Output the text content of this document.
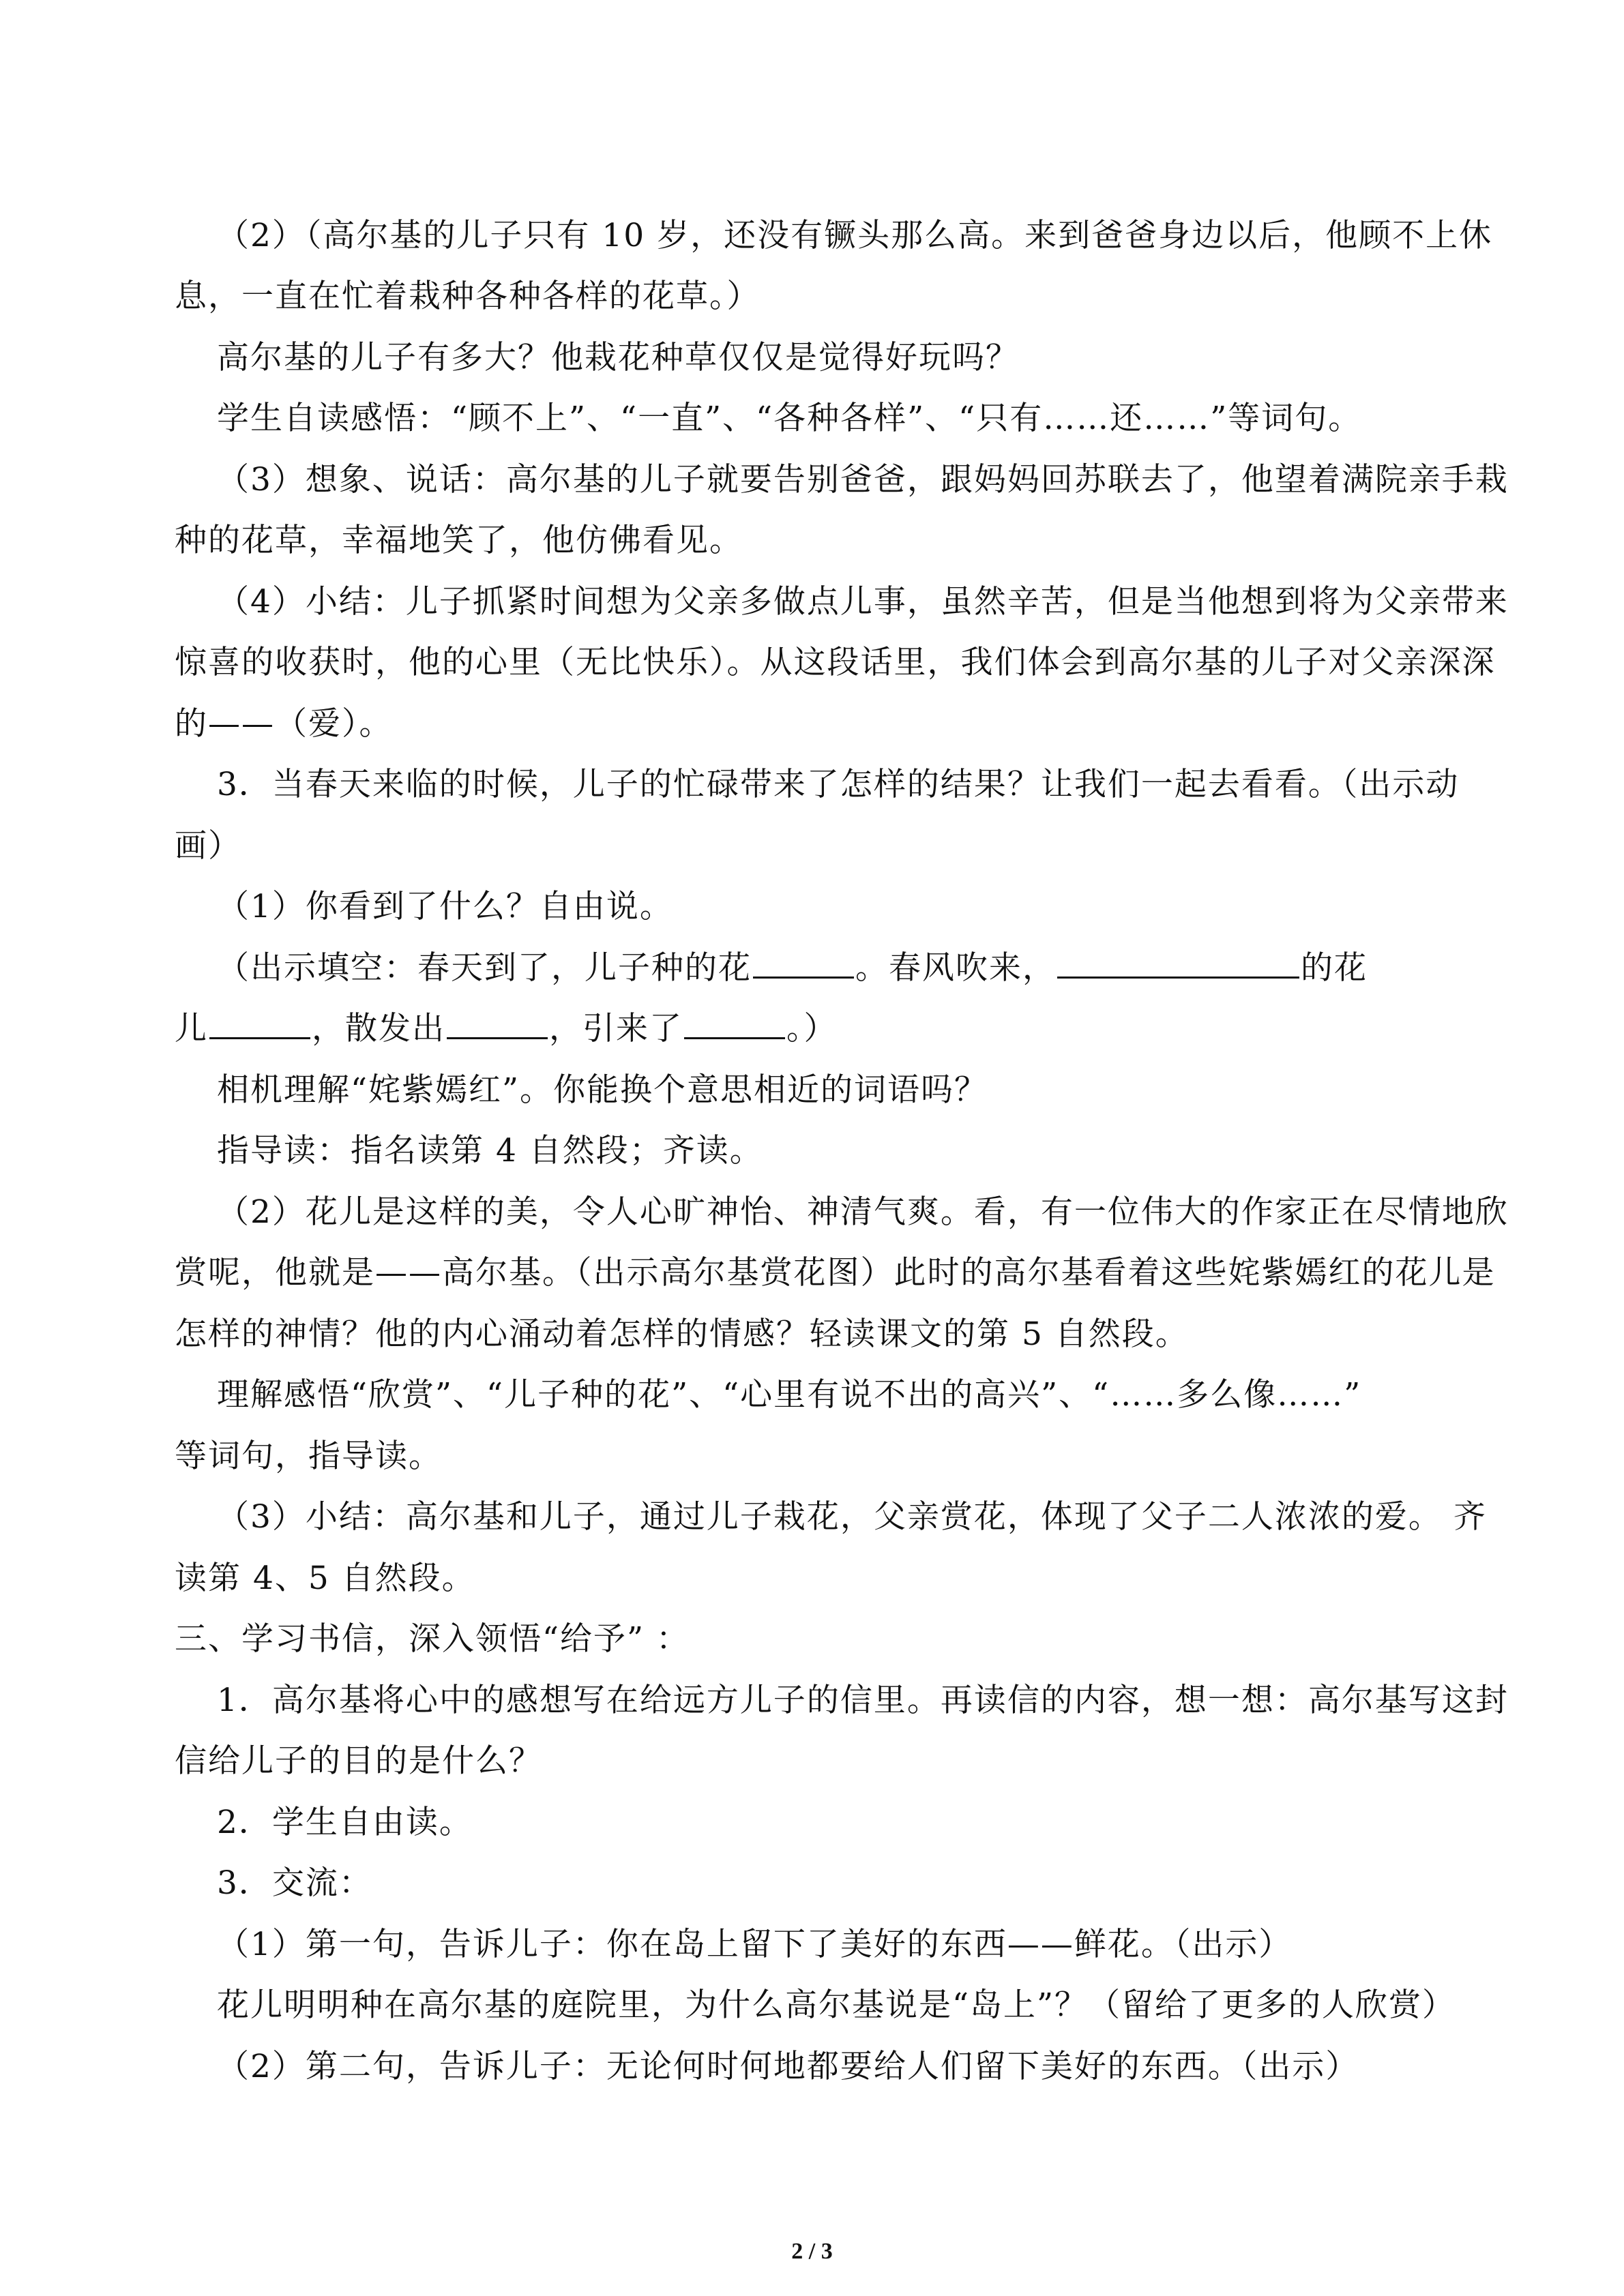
（2）（高尔基的儿子只有 10 岁，还没有镢头那么高。来到爸爸身边以后，他顾不上休
息，一直在忙着栽种各种各样的花草。）
高尔基的儿子有多大？他栽花种草仅仅是觉得好玩吗？
学生自读感悟：“顾不上”、“一直”、“各种各样”、“只有……还……”等词句。
（3）想象、说话：高尔基的儿子就要告别爸爸，跟妈妈回苏联去了，他望着满院亲手栽
种的花草，幸福地笑了，他仿佛看见。
（4）小结：儿子抓紧时间想为父亲多做点儿事，虽然辛苦，但是当他想到将为父亲带来
惊喜的收获时，他的心里（无比快乐）。从这段话里，我们体会到高尔基的儿子对父亲深深
的——（爱）。
3．当春天来临的时候，儿子的忙碌带来了怎样的结果？让我们一起去看看。（出示动
画）
（1）你看到了什么？自由说。
（出示填空：春天到了，儿子种的花	。春风吹来，	的花
儿	，散发出	，引来了	。）
相机理解“姹紫嫣红”。你能换个意思相近的词语吗？
指导读：指名读第 4 自然段；齐读。
（2）花儿是这样的美，令人心旷神怡、神清气爽。看，有一位伟大的作家正在尽情地欣
赏呢，他就是——高尔基。（出示高尔基赏花图）此时的高尔基看着这些姹紫嫣红的花儿是
怎样的神情？他的内心涌动着怎样的情感？轻读课文的第 5 自然段。
理解感悟“欣赏”、“儿子种的花”、“心里有说不出的高兴”、“……多么像……”
等词句，指导读。
（3）小结：高尔基和儿子，通过儿子栽花，父亲赏花，体现了父子二人浓浓的爱。 齐
读第 4、5 自然段。
三、学习书信，深入领悟“给予” ：
1．高尔基将心中的感想写在给远方儿子的信里。再读信的内容，想一想：高尔基写这封
信给儿子的目的是什么？
2．学生自由读。
3．交流：
（1）第一句，告诉儿子：你在岛上留下了美好的东西——鲜花。（出示）
花儿明明种在高尔基的庭院里，为什么高尔基说是“岛上”？（留给了更多的人欣赏）
（2）第二句，告诉儿子：无论何时何地都要给人们留下美好的东西。（出示）
2 / 3
